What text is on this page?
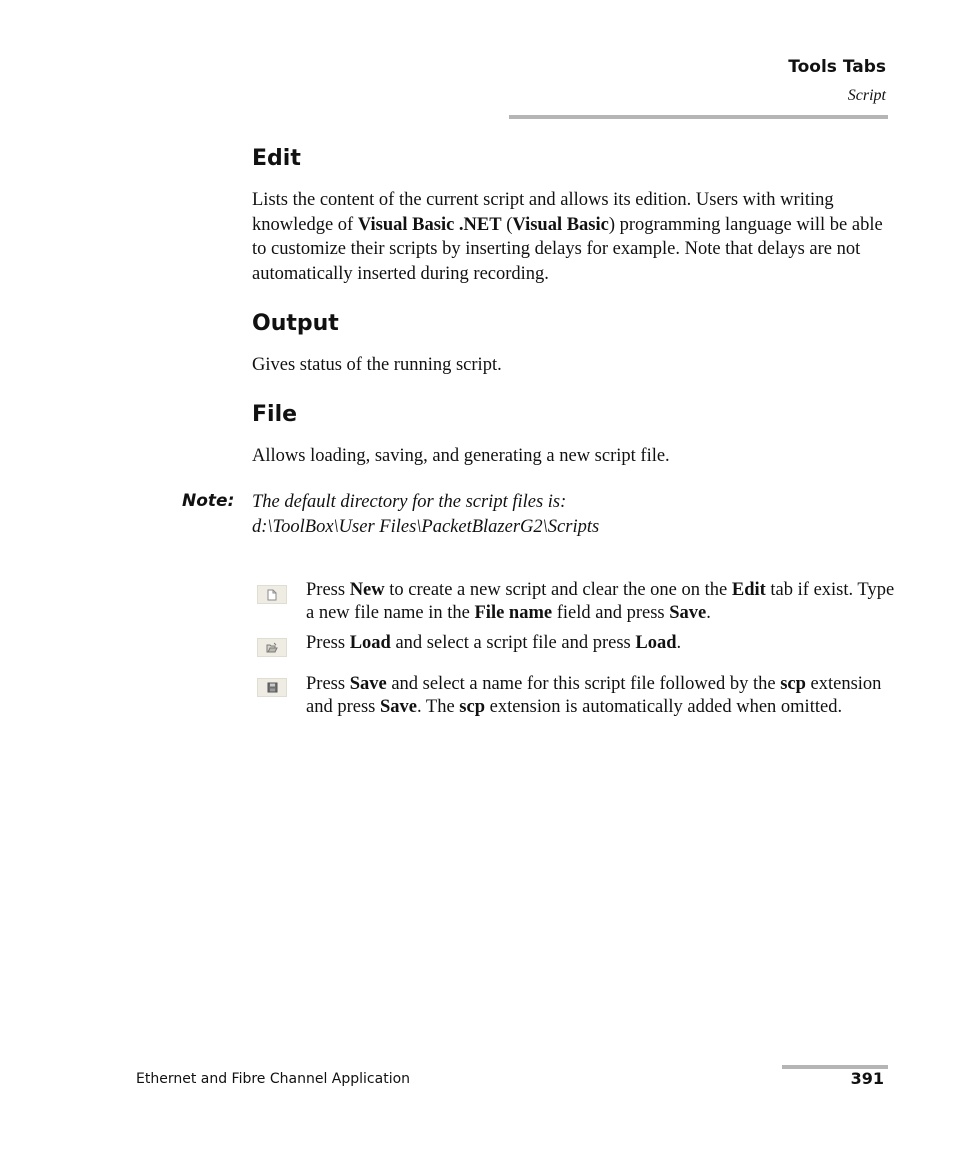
Tools Tabs
Script
Edit
Lists the content of the current script and allows its edition. Users with writing knowledge of Visual Basic .NET (Visual Basic) programming language will be able to customize their scripts by inserting delays for example. Note that delays are not automatically inserted during recording.
Output
Gives status of the running script.
File
Allows loading, saving, and generating a new script file.
Note: The default directory for the script files is:
d:\ToolBox\User Files\PacketBlazerG2\Scripts
Press New to create a new script and clear the one on the Edit tab if exist. Type a new file name in the File name field and press Save.
Press Load and select a script file and press Load.
Press Save and select a name for this script file followed by the scp extension and press Save. The scp extension is automatically added when omitted.
Ethernet and Fibre Channel Application	391
